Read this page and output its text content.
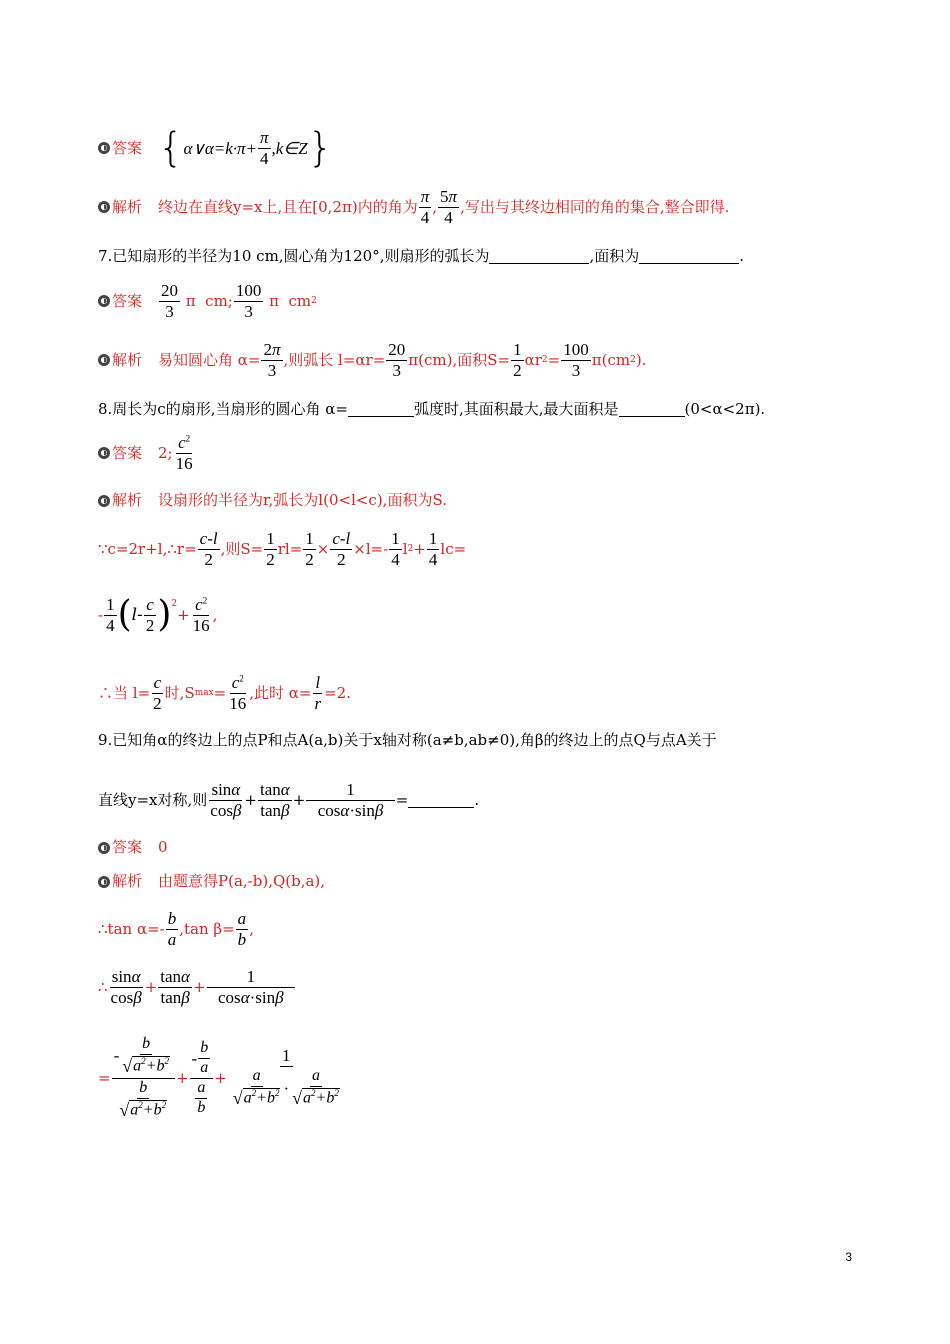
◐ 答案 { α∨α=k·π+ $\frac{\pi}{4}$ ,k∈Z }
◐ 解析 终边在直线y=x上,且在[0,2π)内的角为 $\frac{\pi}{4}$ , $\frac{5\pi}{4}$ ,写出与其终边相同的角的集合,整合即得.
7.已知扇形的半径为10 cm,圆心角为120°,则扇形的弧长为	,面积为	.
◐ 答案 $\frac{20}{3}$ π  cm; $\frac{100}{3}$ π  cm 2
◐ 解析 易知圆心角 $\alpha= \frac{2\pi}{3}$ ,则弧长 $l=\alpha r= \frac{20}{3} \pi(cm)$,面积$S= \frac{1}{2}$ αr $2 = \frac{100}{3} \pi(cm$ 2 ).
8.周长为c的扇形,当扇形的圆心角 α=	弧度时,其面积最大,最大面积是	(0<α<2π).
◐ 答案 2; $\frac{c^2}{16}$
◐ 解析 设扇形的半径为r,弧长为l(0<l<c),面积为S.
∵c=2r+l,∴r= $\frac{c-l}{2}$ ,则$S= \frac{1}{2} rl= \frac{1}{2} \times \frac{c-l}{2} \times l=- \frac{1}{4}$ l $2 + \frac{1}{4} lc=$
- $\frac{1}{4}$ ( $l- \frac{c}{2} )^2$
+ $\frac{c^2}{16}$ ,
∴当 $l= \frac{c}{2}$ 时,S $\max = \frac{c^2}{16}$ ,此时 $\alpha= \frac{l}{r} =2$.
9.已知角α的终边上的点P和点A(a,b)关于x轴对称(a≠b,ab≠0),角β的终边上的点Q与点A关于
直线y=x对称,则 $\frac{\sin\alpha}{\cos\beta} + \frac{\tan\alpha}{\tan\beta} + \frac{1}{\cos\alpha\cdot\sin\beta}$ =	.
◐ 答案 0
◐ 解析 由题意得P(a,-b),Q(b,a),
∴tan $\alpha=- \frac{b}{a} ,\tan$ $\beta= \frac{a}{b}$ ,
∴ $\frac{\sin\alpha}{\cos\beta} + \frac{\tan\alpha}{\tan\beta} + \frac{1}{\cos\alpha\cdot\sin\beta}$
= $\frac{- \frac{b}{√ a^2+b^2}}{\frac{b}{√ a^2+b^2}} + \frac{- \frac{b}{a}}{\frac{a}{b}} + \frac{1}{\frac{a}{√ a^2+b^2} \cdot \frac{a}{√ a^2+b^2}}$
3
